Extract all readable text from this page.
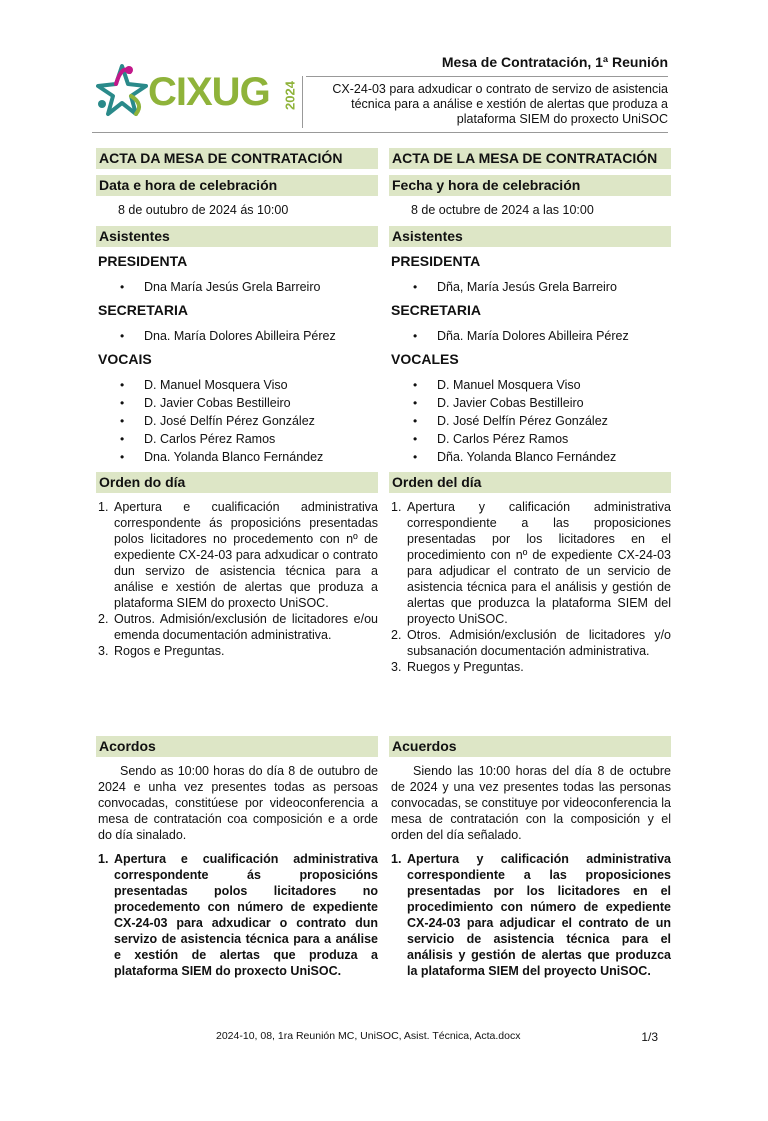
CIXUG 2024
Mesa de Contratación, 1ª Reunión
CX-24-03 para adxudicar o contrato de servizo de asistencia técnica para a análise e xestión de alertas que produza a plataforma SIEM do proxecto UniSOC
ACTA DA MESA DE CONTRATACIÓN
Data e hora de celebración
8 de outubro de 2024 ás 10:00
Asistentes
PRESIDENTA
• Dna María Jesús Grela Barreiro
SECRETARIA
• Dna. María Dolores Abilleira Pérez
VOCAIS
• D. Manuel Mosquera Viso
• D. Javier Cobas Bestilleiro
• D. José Delfín Pérez González
• D. Carlos Pérez Ramos
• Dna. Yolanda Blanco Fernández
Orden do día
1. Apertura e cualificación administrativa correspondente ás proposicións presentadas polos licitadores no procedemento con nº de expediente CX-24-03 para adxudicar o contrato dun servizo de asistencia técnica para a análise e xestión de alertas que produza a plataforma SIEM do proxecto UniSOC.
2. Outros. Admisión/exclusión de licitadores e/ou emenda documentación administrativa.
3. Rogos e Preguntas.
Acordos

Sendo as 10:00 horas do día 8 de outubro de 2024 e unha vez presentes todas as persoas convocadas, constitúese por videoconferencia a mesa de contratación coa composición e a orde do día sinalado.

1. Apertura e cualificación administrativa correspondente ás proposicións presentadas polos licitadores no procedemento con número de expediente CX-24-03 para adxudicar o contrato dun servizo de asistencia técnica para a análise e xestión de alertas que produza a plataforma SIEM do proxecto UniSOC.
ACTA DE LA MESA DE CONTRATACIÓN
Fecha y hora de celebración
8 de octubre de 2024 a las 10:00
Asistentes
PRESIDENTA
• Dña, María Jesús Grela Barreiro
SECRETARIA
• Dña. María Dolores Abilleira Pérez
VOCALES
• D. Manuel Mosquera Viso
• D. Javier Cobas Bestilleiro
• D. José Delfín Pérez González
• D. Carlos Pérez Ramos
• Dña. Yolanda Blanco Fernández
Orden del día
1. Apertura y calificación administrativa correspondiente a las proposiciones presentadas por los licitadores en el procedimiento con nº de expediente CX-24-03 para adjudicar el contrato de un servicio de asistencia técnica para el análisis y gestión de alertas que produzca la plataforma SIEM del proyecto UniSOC.
2. Otros. Admisión/exclusión de licitadores y/o subsanación documentación administrativa.
3. Ruegos y Preguntas.
Acuerdos

Siendo las 10:00 horas del día 8 de octubre de 2024 y una vez presentes todas las personas convocadas, se constituye por videoconferencia la mesa de contratación con la composición y el orden del día señalado.

1. Apertura y calificación administrativa correspondiente a las proposiciones presentadas por los licitadores en el procedimiento con número de expediente CX-24-03 para adjudicar el contrato de un servicio de asistencia técnica para el análisis y gestión de alertas que produzca la plataforma SIEM del proyecto UniSOC.
2024-10, 08, 1ra Reunión MC, UniSOC, Asist. Técnica, Acta.docx	1/3
